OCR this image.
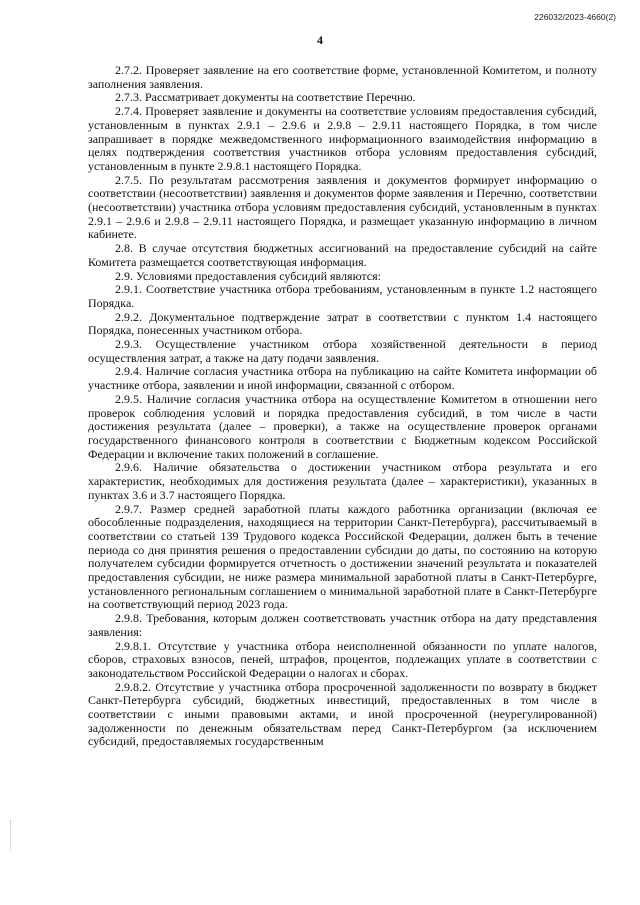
226032/2023-4660(2)
4

2.7.2. Проверяет заявление на его соответствие форме, установленной Комитетом, и полноту заполнения заявления.

2.7.3. Рассматривает документы на соответствие Перечню.

2.7.4. Проверяет заявление и документы на соответствие условиям предоставления субсидий, установленным в пунктах 2.9.1 – 2.9.6 и 2.9.8 – 2.9.11 настоящего Порядка, в том числе запрашивает в порядке межведомственного информационного взаимодействия информацию в целях подтверждения соответствия участников отбора условиям предоставления субсидий, установленным в пункте 2.9.8.1 настоящего Порядка.

2.7.5. По результатам рассмотрения заявления и документов формирует информацию о соответствии (несоответствии) заявления и документов форме заявления и Перечню, соответствии (несоответствии) участника отбора условиям предоставления субсидий, установленным в пунктах 2.9.1 – 2.9.6 и 2.9.8 – 2.9.11 настоящего Порядка, и размещает указанную информацию в личном кабинете.

2.8. В случае отсутствия бюджетных ассигнований на предоставление субсидий на сайте Комитета размещается соответствующая информация.

2.9. Условиями предоставления субсидий являются:

2.9.1. Соответствие участника отбора требованиям, установленным в пункте 1.2 настоящего Порядка.

2.9.2. Документальное подтверждение затрат в соответствии с пунктом 1.4 настоящего Порядка, понесенных участником отбора.

2.9.3. Осуществление участником отбора хозяйственной деятельности в период осуществления затрат, а также на дату подачи заявления.

2.9.4. Наличие согласия участника отбора на публикацию на сайте Комитета информации об участнике отбора, заявлении и иной информации, связанной с отбором.

2.9.5. Наличие согласия участника отбора на осуществление Комитетом в отношении него проверок соблюдения условий и порядка предоставления субсидий, в том числе в части достижения результата (далее – проверки), а также на осуществление проверок органами государственного финансового контроля в соответствии с Бюджетным кодексом Российской Федерации и включение таких положений в соглашение.

2.9.6. Наличие обязательства о достижении участником отбора результата и его характеристик, необходимых для достижения результата (далее – характеристики), указанных в пунктах 3.6 и 3.7 настоящего Порядка.

2.9.7. Размер средней заработной платы каждого работника организации (включая ее обособленные подразделения, находящиеся на территории Санкт-Петербурга), рассчитываемый в соответствии со статьей 139 Трудового кодекса Российской Федерации, должен быть в течение периода со дня принятия решения о предоставлении субсидии до даты, по состоянию на которую получателем субсидии формируется отчетность о достижении значений результата и показателей предоставления субсидии, не ниже размера минимальной заработной платы в Санкт-Петербурге, установленного региональным соглашением о минимальной заработной плате в Санкт-Петербурге на соответствующий период 2023 года.

2.9.8. Требования, которым должен соответствовать участник отбора на дату представления заявления:

2.9.8.1. Отсутствие у участника отбора неисполненной обязанности по уплате налогов, сборов, страховых взносов, пеней, штрафов, процентов, подлежащих уплате в соответствии с законодательством Российской Федерации о налогах и сборах.

2.9.8.2. Отсутствие у участника отбора просроченной задолженности по возврату в бюджет Санкт-Петербурга субсидий, бюджетных инвестиций, предоставленных в том числе в соответствии с иными правовыми актами, и иной просроченной (неурегулированной) задолженности по денежным обязательствам перед Санкт-Петербургом (за исключением субсидий, предоставляемых государственным
